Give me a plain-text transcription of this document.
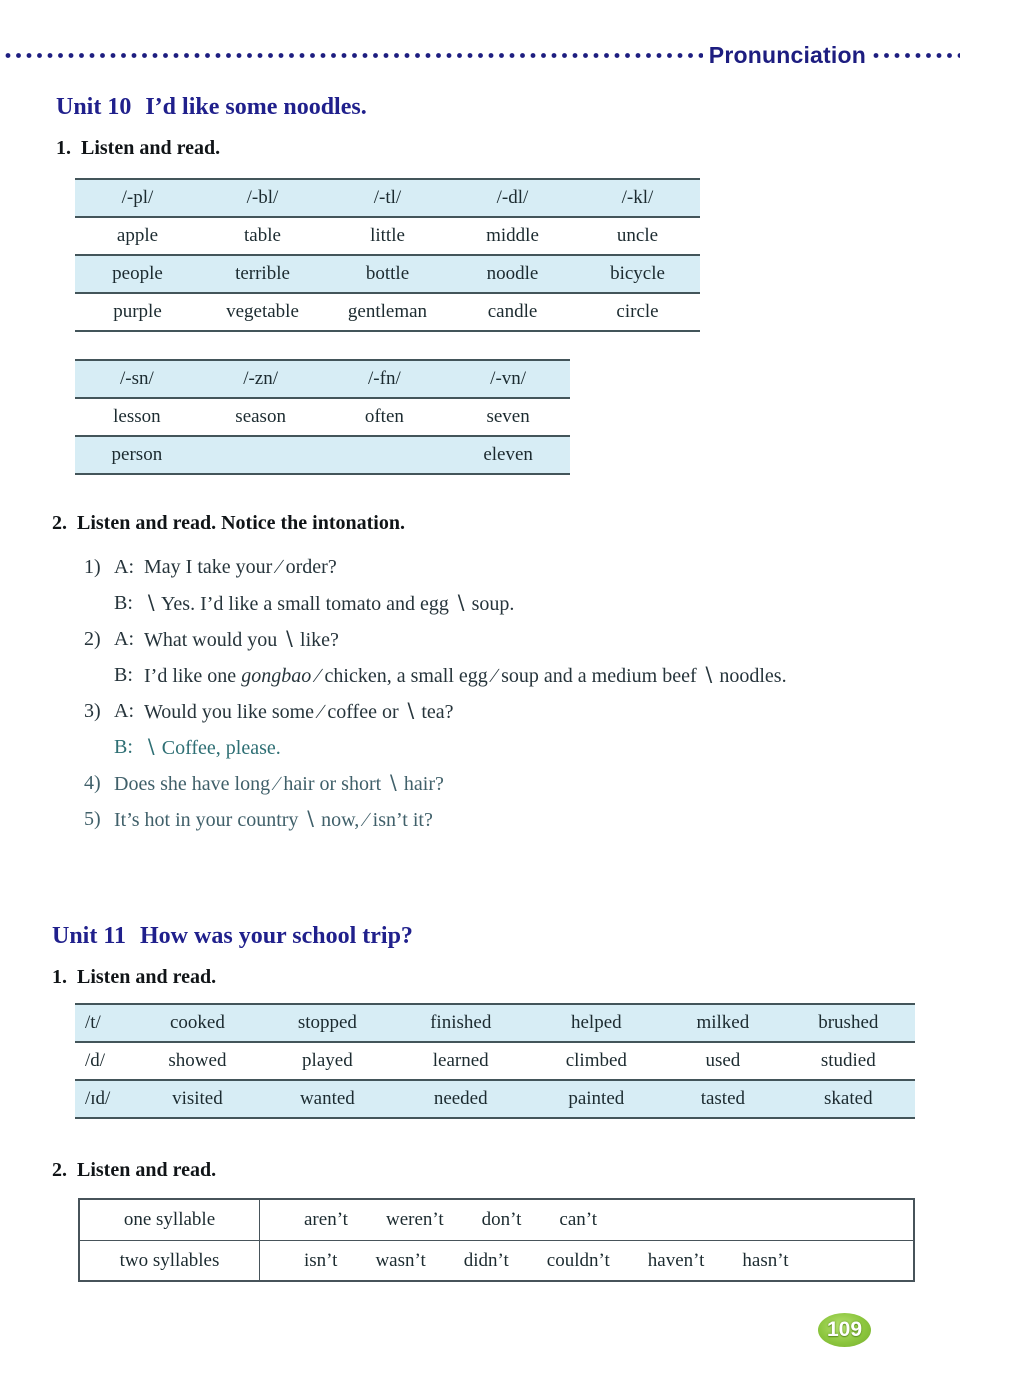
Pronunciation
Unit 10 I’d like some noodles.
1. Listen and read.
/-pl/	/-bl/	/-tl/	/-dl/	/-kl/
apple	table	little	middle	uncle
people	terrible	bottle	noodle	bicycle
purple	vegetable	gentleman	candle	circle
/-sn/	/-zn/	/-fn/	/-vn/
lesson	season	often	seven
person			eleven
2. Listen and read. Notice the intonation.
1) A: May I take your ∕ order?
B: ∖ Yes. I’d like a small tomato and egg ∖ soup.
2) A: What would you ∖ like?
B: I’d like one gongbao ∕ chicken, a small egg ∕ soup and a medium beef ∖ noodles.
3) A: Would you like some ∕ coffee or ∖ tea?
B: ∖ Coffee, please.
4) Does she have long ∕ hair or short ∖ hair?
5) It’s hot in your country ∖ now, ∕ isn’t it?
Unit 11 How was your school trip?
1. Listen and read.
/t/	cooked	stopped	finished	helped	milked	brushed
/d/	showed	played	learned	climbed	used	studied
/ɪd/	visited	wanted	needed	painted	tasted	skated
2. Listen and read.
one syllable	aren’t weren’t don’t can’t
two syllables	isn’t wasn’t didn’t couldn’t haven’t hasn’t
109
